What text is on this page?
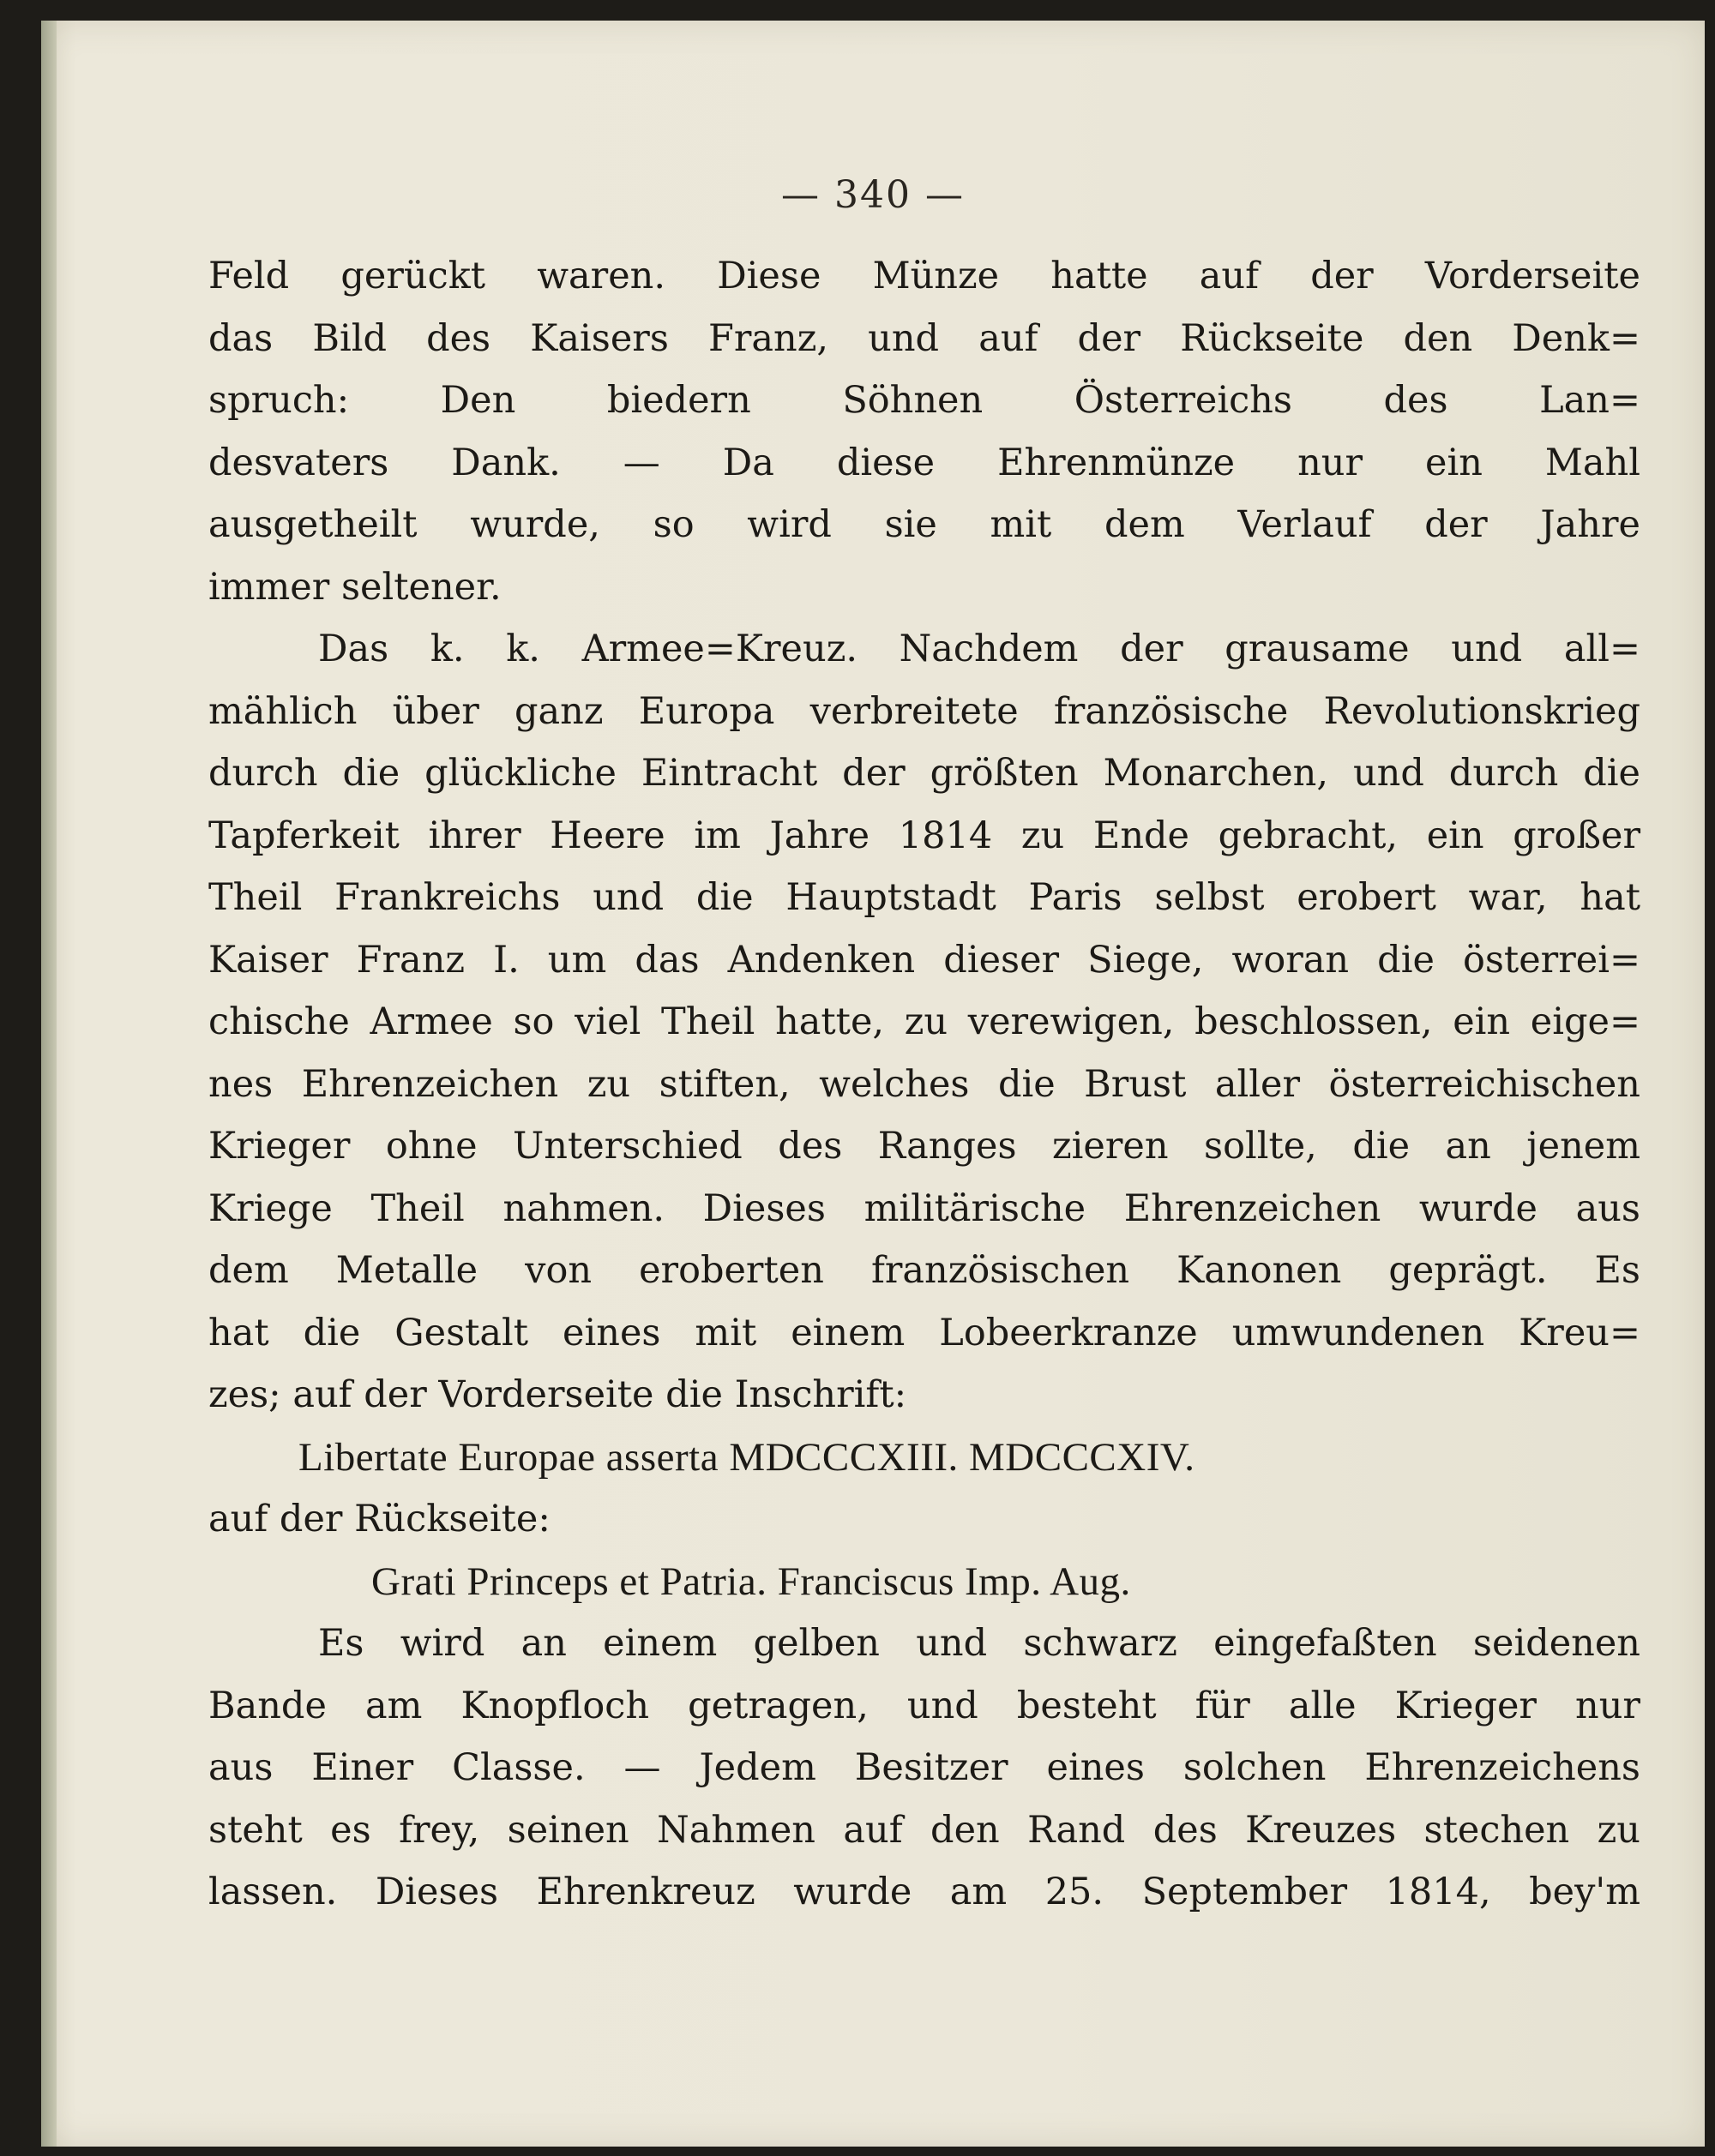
— 340 —
Feld gerückt waren. Diese Münze hatte auf der Vorderseite
das Bild des Kaisers Franz, und auf der Rückseite den Denk=
spruch: Den biedern Söhnen Österreichs des Lan=
desvaters Dank. — Da diese Ehrenmünze nur ein Mahl
ausgetheilt wurde, so wird sie mit dem Verlauf der Jahre
immer seltener.
Das k. k. Armee=Kreuz. Nachdem der grausame und all=
mählich über ganz Europa verbreitete französische Revolutionskrieg
durch die glückliche Eintracht der größten Monarchen, und durch die
Tapferkeit ihrer Heere im Jahre 1814 zu Ende gebracht, ein großer
Theil Frankreichs und die Hauptstadt Paris selbst erobert war, hat
Kaiser Franz I. um das Andenken dieser Siege, woran die österrei=
chische Armee so viel Theil hatte, zu verewigen, beschlossen, ein eige=
nes Ehrenzeichen zu stiften, welches die Brust aller österreichischen
Krieger ohne Unterschied des Ranges zieren sollte, die an jenem
Kriege Theil nahmen. Dieses militärische Ehrenzeichen wurde aus
dem Metalle von eroberten französischen Kanonen geprägt. Es
hat die Gestalt eines mit einem Lobeerkranze umwundenen Kreu=
zes; auf der Vorderseite die Inschrift:
Libertate Europae asserta MDCCCXIII. MDCCCXIV.
auf der Rückseite:
Grati Princeps et Patria. Franciscus Imp. Aug.
Es wird an einem gelben und schwarz eingefaßten seidenen
Bande am Knopfloch getragen, und besteht für alle Krieger nur
aus Einer Classe. — Jedem Besitzer eines solchen Ehrenzeichens
steht es frey, seinen Nahmen auf den Rand des Kreuzes stechen zu
lassen. Dieses Ehrenkreuz wurde am 25. September 1814, bey'm
